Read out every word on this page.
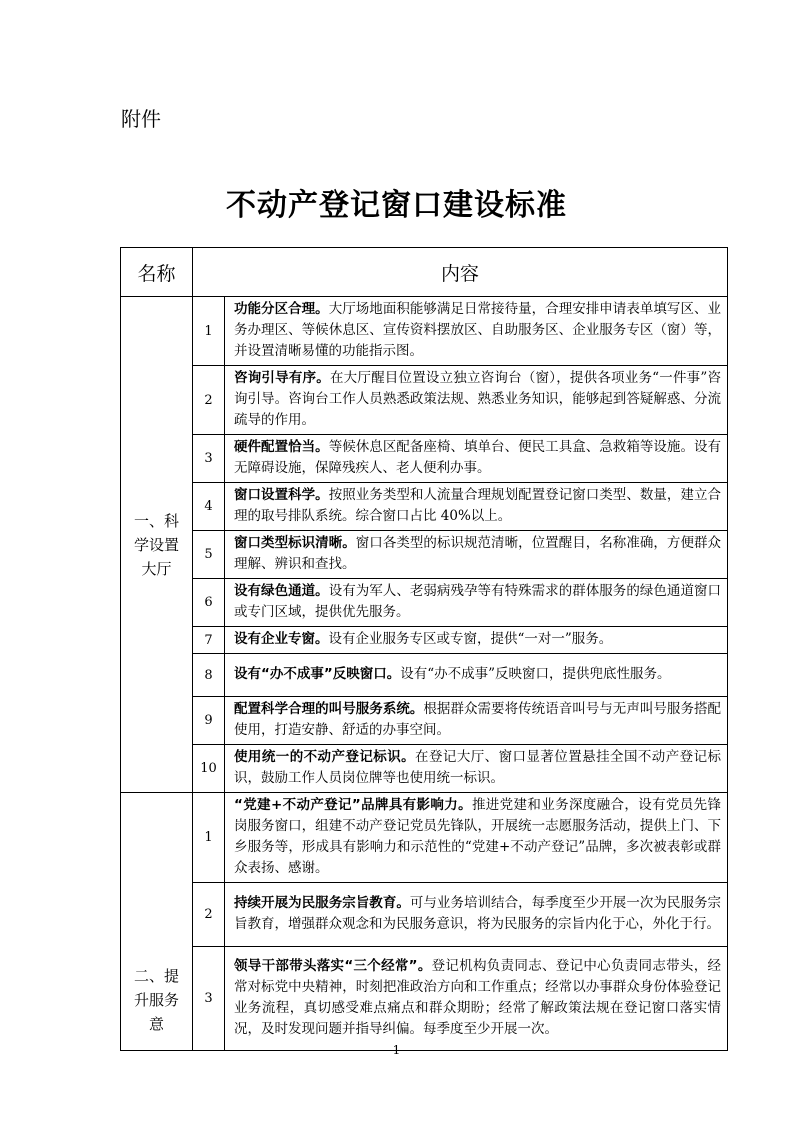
附件
不动产登记窗口建设标准
名称	内容	
一、科学设置大厅	1	功能分区合理。大厅场地面积能够满足日常接待量，合理安排申请表单填写区、业务办理区、等候休息区、宣传资料摆放区、自助服务区、企业服务专区（窗）等，并设置清晰易懂的功能指示图。
	2	咨询引导有序。在大厅醒目位置设立独立咨询台（窗），提供各项业务“一件事”咨询引导。咨询台工作人员熟悉政策法规、熟悉业务知识，能够起到答疑解惑、分流疏导的作用。
	3	硬件配置恰当。等候休息区配备座椅、填单台、便民工具盒、急救箱等设施。设有无障碍设施，保障残疾人、老人便利办事。
	4	窗口设置科学。按照业务类型和人流量合理规划配置登记窗口类型、数量，建立合理的取号排队系统。综合窗口占比 40%以上。
	5	窗口类型标识清晰。窗口各类型的标识规范清晰，位置醒目，名称准确，方便群众理解、辨识和查找。
	6	设有绿色通道。设有为军人、老弱病残孕等有特殊需求的群体服务的绿色通道窗口或专门区域，提供优先服务。
	7	设有企业专窗。设有企业服务专区或专窗，提供“一对一”服务。
	8	设有“办不成事”反映窗口。设有“办不成事”反映窗口，提供兜底性服务。
	9	配置科学合理的叫号服务系统。根据群众需要将传统语音叫号与无声叫号服务搭配使用，打造安静、舒适的办事空间。
	10	使用统一的不动产登记标识。在登记大厅、窗口显著位置悬挂全国不动产登记标识，鼓励工作人员岗位牌等也使用统一标识。
二、提升服务意	1	“党建+不动产登记”品牌具有影响力。推进党建和业务深度融合，设有党员先锋岗服务窗口，组建不动产登记党员先锋队，开展统一志愿服务活动，提供上门、下乡服务等，形成具有影响力和示范性的“党建+不动产登记”品牌，多次被表彰或群众表扬、感谢。
	2	持续开展为民服务宗旨教育。可与业务培训结合，每季度至少开展一次为民服务宗旨教育，增强群众观念和为民服务意识，将为民服务的宗旨内化于心，外化于行。
	3	领导干部带头落实“三个经常”。登记机构负责同志、登记中心负责同志带头，经常对标党中央精神，时刻把准政治方向和工作重点；经常以办事群众身份体验登记业务流程，真切感受难点痛点和群众期盼；经常了解政策法规在登记窗口落实情况，及时发现问题并指导纠偏。每季度至少开展一次。
1
